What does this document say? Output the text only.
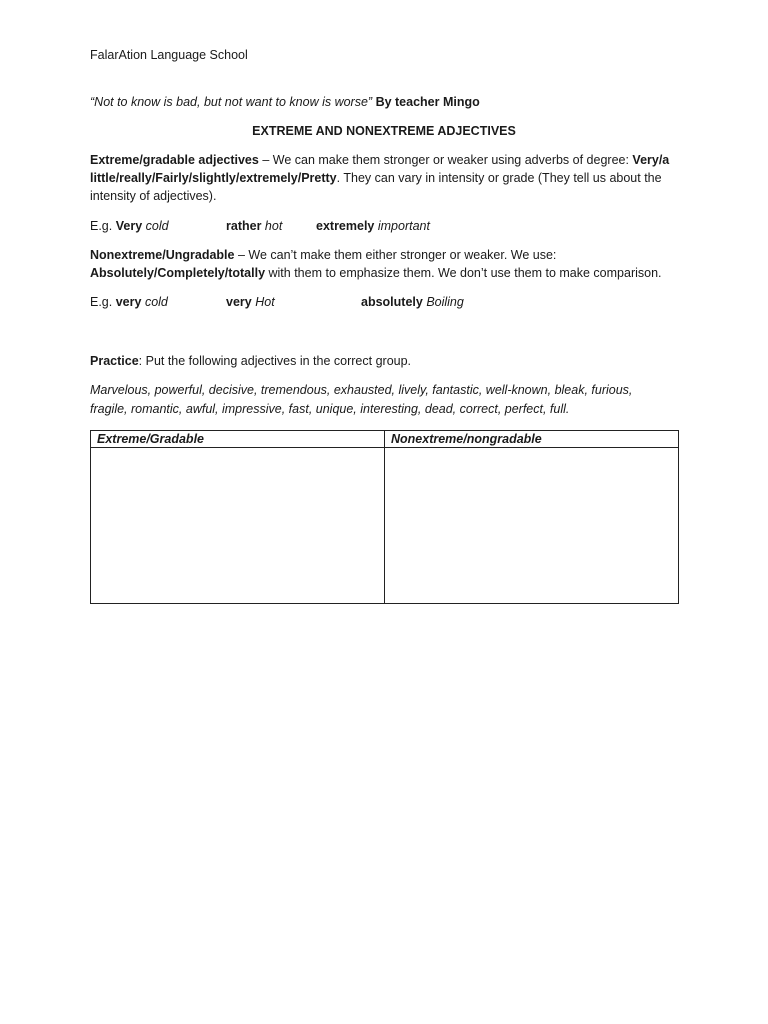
FalarAtion Language School
“Not to know is bad, but not want to know is worse” By teacher Mingo
EXTREME AND NONEXTREME ADJECTIVES
Extreme/gradable adjectives – We can make them stronger or weaker using adverbs of degree: Very/a little/really/Fairly/slightly/extremely/Pretty. They can vary in intensity or grade (They tell us about the intensity of adjectives).
E.g. Very cold	rather hot	extremely important
Nonextreme/Ungradable – We can’t make them either stronger or weaker. We use: Absolutely/Completely/totally with them to emphasize them. We don’t use them to make comparison.
E.g. very cold	very Hot	absolutely Boiling
Practice: Put the following adjectives in the correct group.
Marvelous, powerful, decisive, tremendous, exhausted, lively, fantastic, well-known, bleak, furious,
fragile, romantic, awful, impressive, fast, unique, interesting, dead, correct, perfect, full.
Extreme/Gradable	Nonextreme/nongradable
